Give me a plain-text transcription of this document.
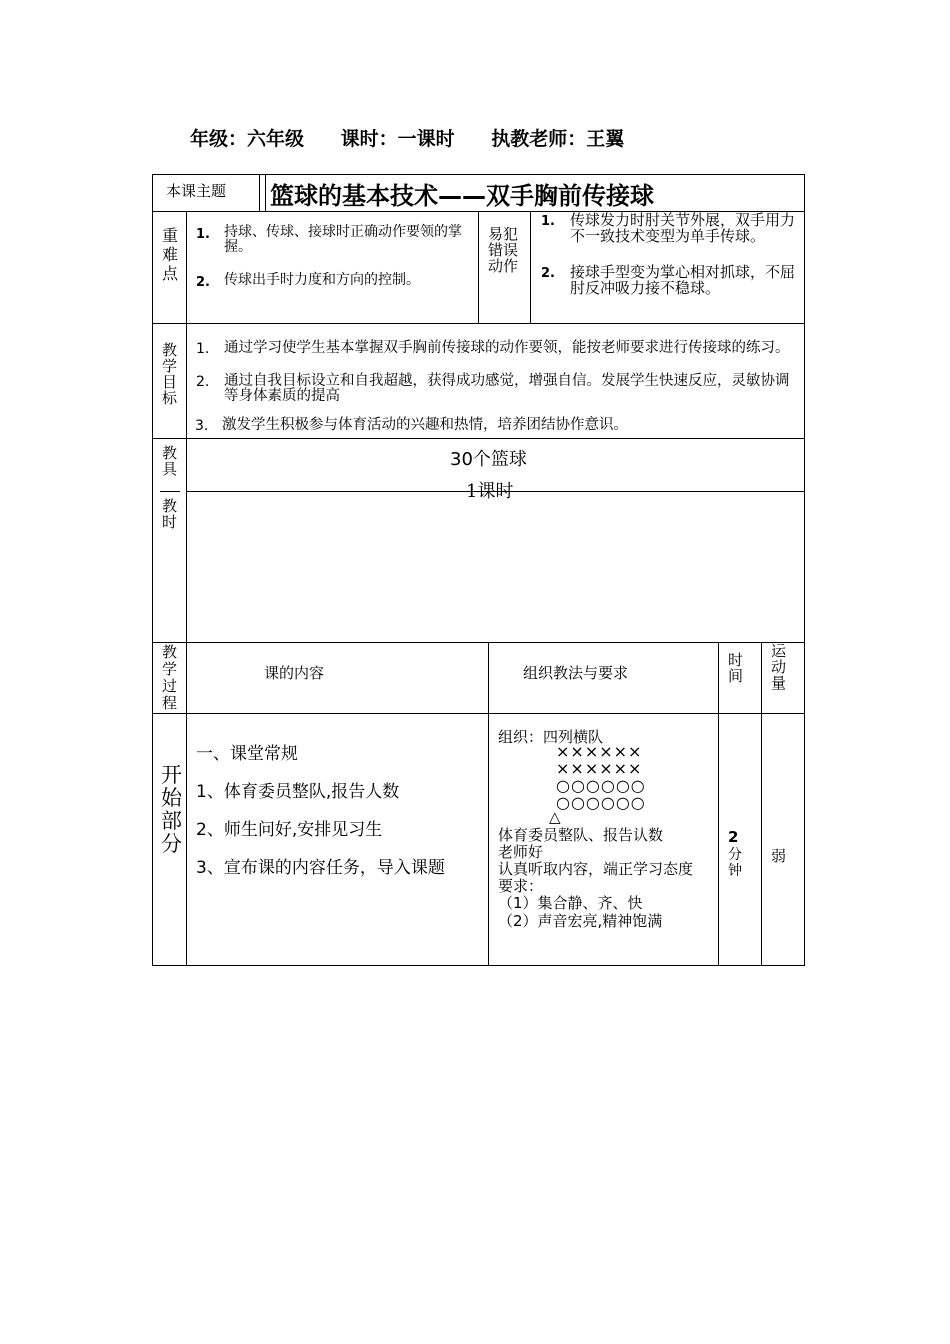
年级：六年级 课时：一课时 执教老师：王翼
本课主题 篮球的基本技术——双手胸前传接球
重难点
1. 持球、传球、接球时正确动作要领的掌握。
2. 传球出手时力度和方向的控制。
易犯错误动作
1. 传球发力时肘关节外展，双手用力不一致技术变型为单手传球。
2. 接球手型变为掌心相对抓球，不屈肘反冲吸力接不稳球。
教学目标
1. 通过学习使学生基本掌握双手胸前传接球的动作要领，能按老师要求进行传接球的练习。
2. 通过自我目标设立和自我超越，获得成功感觉，增强自信。发展学生快速反应，灵敏协调等身体素质的提高
3. 激发学生积极参与体育活动的兴趣和热情，培养团结协作意识。
教具	30个篮球
教时
1课时
教学过程
课的内容	组织教法与要求
时间
运动量
开始部分
一、课堂常规
1、体育委员整队,报告人数
2、师生问好,安排见习生
3、宣布课的内容任务，导入课题
组织：四列横队
××××××
××××××
○○○○○○
○○○○○○
△
体育委员整队、报告认数
老师好
认真听取内容，端正学习态度
要求：
（1）集合静、齐、快
（2）声音宏亮,精神饱满
2
分钟
弱
